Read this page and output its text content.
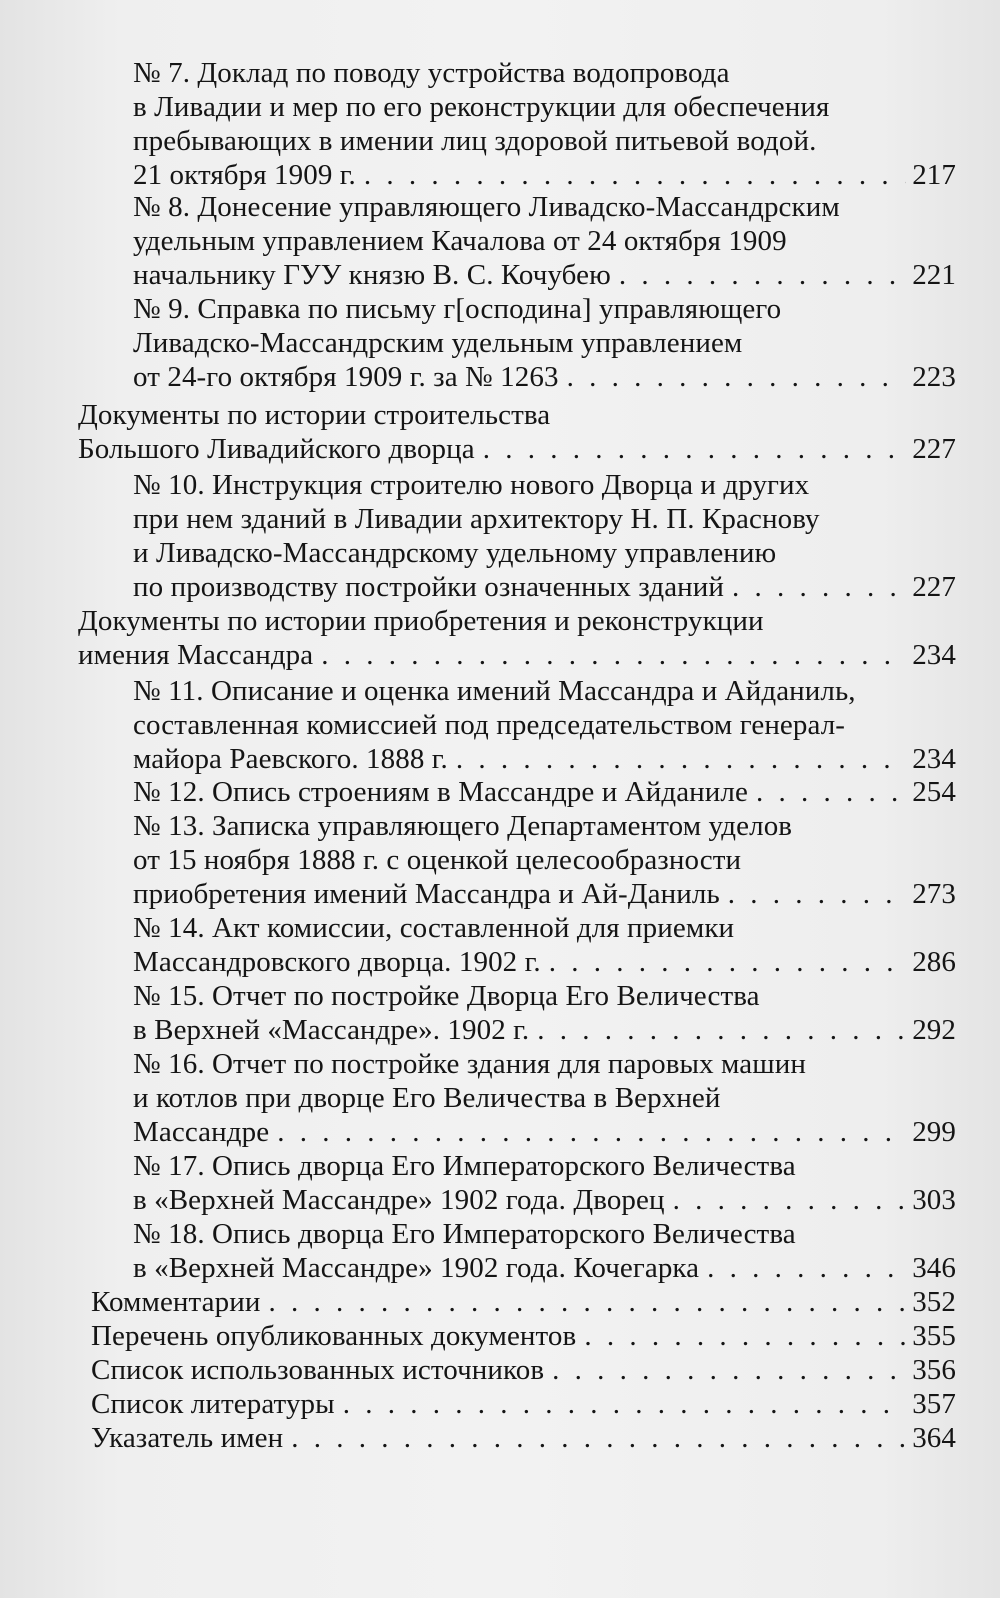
№ 7. Доклад по поводу устройства водопровода
в Ливадии и мер по его реконструкции для обеспечения
пребывающих в имении лиц здоровой питьевой водой.
21 октября 1909 г. . . .	217
№ 8. Донесение управляющего Ливадско-Массандрским
удельным управлением Качалова от 24 октября 1909
начальнику ГУУ князю В. С. Кочубею . . .	221
№ 9. Справка по письму г[осподина] управляющего
Ливадско-Массандрским удельным управлением
от 24-го октября 1909 г. за № 1263 . . .	223
Документы по истории строительства
Большого Ливадийского дворца . . .	227
№ 10. Инструкция строителю нового Дворца и других
при нем зданий в Ливадии архитектору Н. П. Краснову
и Ливадско-Массандрскому удельному управлению
по производству постройки означенных зданий . . .	227
Документы по истории приобретения и реконструкции
имения Массандра . . .	234
№ 11. Описание и оценка имений Массандра и Айданиль,
составленная комиссией под председательством генерал-
майора Раевского. 1888 г. . . .	234
№ 12. Опись строениям в Массандре и Айданиле . . .	254
№ 13. Записка управляющего Департаментом уделов
от 15 ноября 1888 г. с оценкой целесообразности
приобретения имений Массандра и Ай-Даниль . . .	273
№ 14. Акт комиссии, составленной для приемки
Массандровского дворца. 1902 г. . . .	286
№ 15. Отчет по постройке Дворца Его Величества
в Верхней «Массандре». 1902 г. . . .	292
№ 16. Отчет по постройке здания для паровых машин
и котлов при дворце Его Величества в Верхней
Массандре . . .	299
№ 17. Опись дворца Его Императорского Величества
в «Верхней Массандре» 1902 года. Дворец . . .	303
№ 18. Опись дворца Его Императорского Величества
в «Верхней Массандре» 1902 года. Кочегарка . . .	346
Комментарии . . .	352
Перечень опубликованных документов . . .	355
Список использованных источников . . .	356
Список литературы . . .	357
Указатель имен . . .	364
